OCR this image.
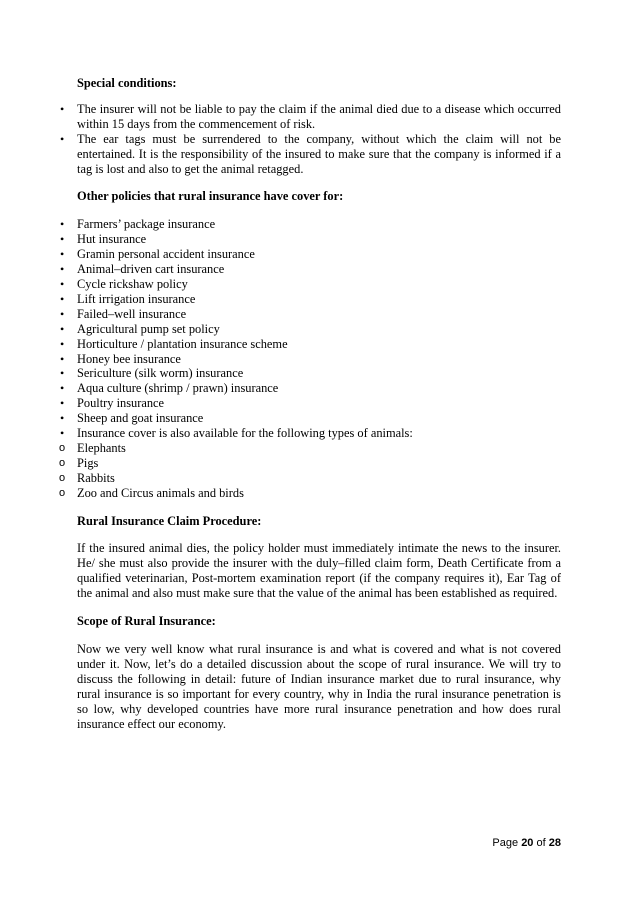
Special conditions:
•	The insurer will not be liable to pay the claim if the animal died due to a disease which occurred within 15 days from the commencement of risk.
•	The ear tags must be surrendered to the company, without which the claim will not be entertained. It is the responsibility of the insured to make sure that the company is informed if a tag is lost and also to get the animal retagged.
Other policies that rural insurance have cover for:
•	Farmers’ package insurance
•	Hut insurance
•	Gramin personal accident insurance
•	Animal–driven cart insurance
•	Cycle rickshaw policy
•	Lift irrigation insurance
•	Failed–well insurance
•	Agricultural pump set policy
•	Horticulture / plantation insurance scheme
•	Honey bee insurance
•	Sericulture (silk worm) insurance
•	Aqua culture (shrimp / prawn) insurance
•	Poultry insurance
•	Sheep and goat insurance
•	Insurance cover is also available for the following types of animals:
o Elephants
o Pigs
o Rabbits
o Zoo and Circus animals and birds
Rural Insurance Claim Procedure:

If the insured animal dies, the policy holder must immediately intimate the news to the insurer. He/ she must also provide the insurer with the duly–filled claim form, Death Certificate from a qualified veterinarian, Post-mortem examination report (if the company requires it), Ear Tag of the animal and also must make sure that the value of the animal has been established as required.

Scope of Rural Insurance:

Now we very well know what rural insurance is and what is covered and what is not covered under it. Now, let’s do a detailed discussion about the scope of rural insurance. We will try to discuss the following in detail: future of Indian insurance market due to rural insurance, why rural insurance is so important for every country, why in India the rural insurance penetration is so low, why developed countries have more rural insurance penetration and how does rural insurance effect our economy.

Page 20 of 28
